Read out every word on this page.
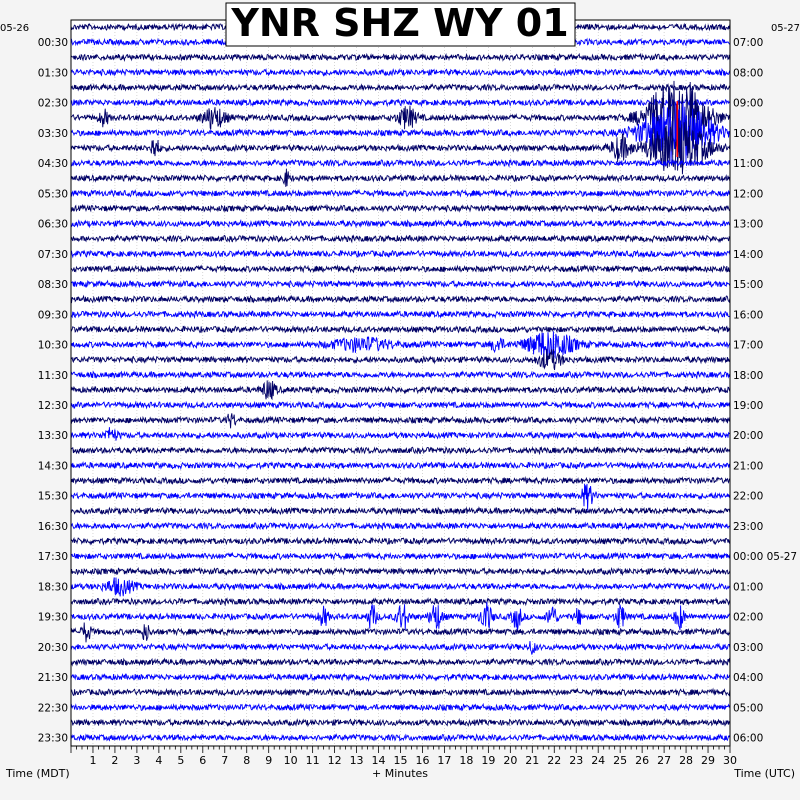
00:30
01:30
02:30
03:30
04:30
05:30
06:30
07:30
08:30
09:30
10:30
11:30
12:30
13:30
14:30
15:30
16:30
17:30
18:30
19:30
20:30
21:30
22:30
23:30
07:00
08:00
09:00
10:00
11:00
12:00
13:00
14:00
15:00
16:00
17:00
18:00
19:00
20:00
21:00
22:00
23:00
00:00 05-27
01:00
02:00
03:00
04:00
05:00
06:00
1 2 3 4 5 6 7 8 9 10 11 12 13 14 15 16 17 18 19 20 21 22 23 24 25 26 27 28 29 30
05-26	05-27
Time (MDT)	Time (UTC)
+ Minutes
YNR SHZ WY 01
